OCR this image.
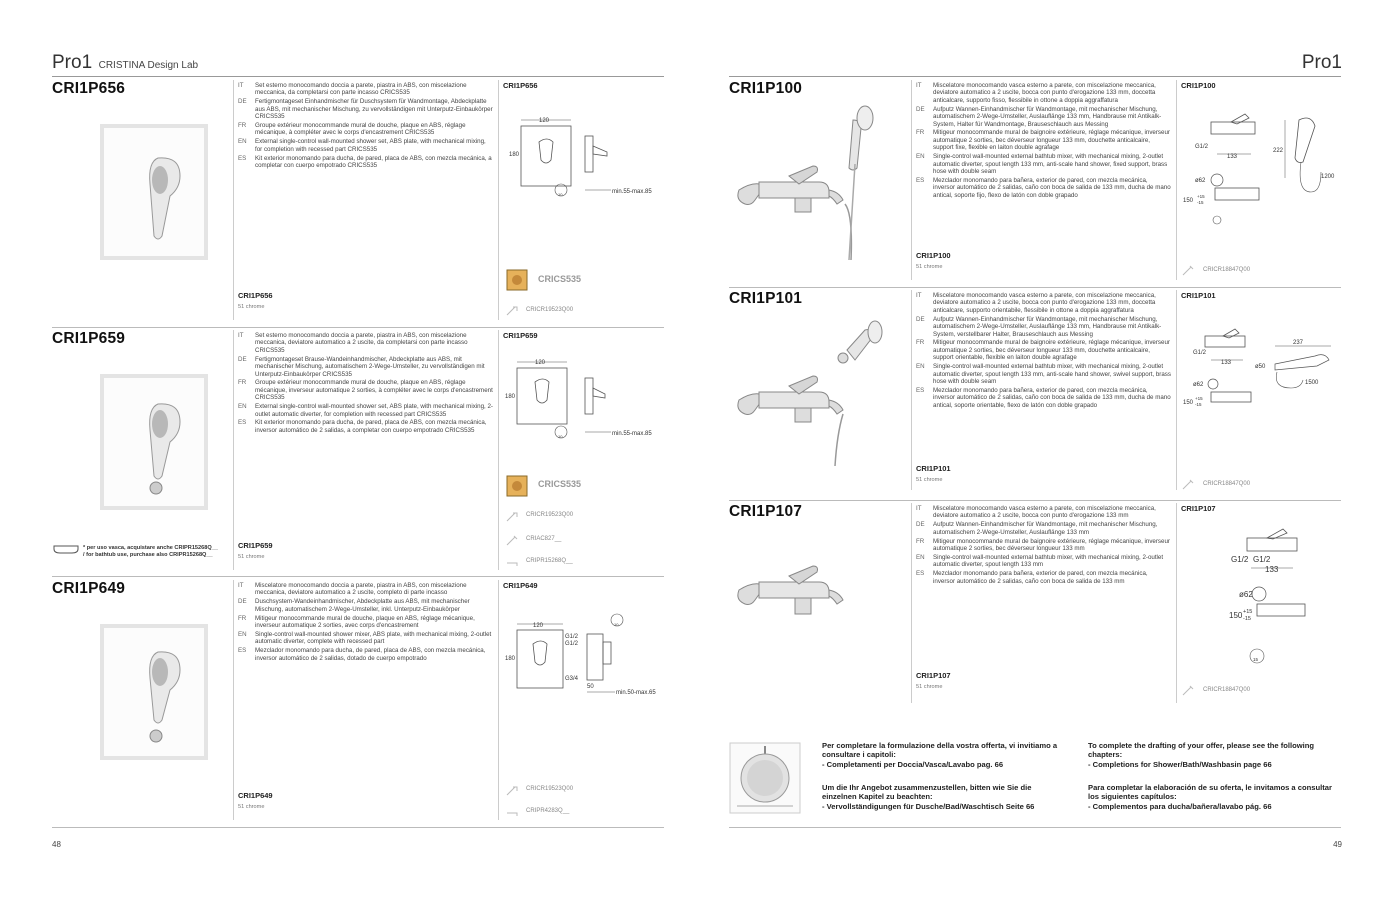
Pro1 CRISTINA Design Lab
CRI1P656	IT	Set esterno monocomando doccia a parete, piastra in ABS, con miscelazione meccanica, da completarsi con parte incasso CRICS535
DE	Fertigmontageset Einhandmischer für Duschsystem für Wandmontage, Abdeckplatte aus ABS, mit mechanischer Mischung, zu vervollständigen mit Unterputz-Einbaukörper CRICS535
FR	Groupe extérieur monocommande mural de douche, plaque en ABS, réglage mécanique, à compléter avec le corps d'encastrement CRICS535
EN	External single-control wall-mounted shower set, ABS plate, with mechanical mixing, for completion with recessed part CRICS535
ES	Kit exterior monomando para ducha, de pared, placa de ABS, con mezcla mecánica, a completar con cuerpo empotrado CRICS535
CRI1P656
51 chrome
CRI1P656
120
180
min.55-max.85
10
CRICS535
CRICR19523Q00
CRI1P659	IT	Set esterno monocomando doccia a parete, piastra in ABS, con miscelazione meccanica, deviatore automatico a 2 uscite, da completarsi con parte incasso CRICS535
DE	Fertigmontageset Brause-Wandeinhandmischer, Abdeckplatte aus ABS, mit mechanischer Mischung, automatischem 2-Wege-Umsteller, zu vervollständigen mit Unterputz-Einbaukörper CRICS535
FR	Groupe extérieur monocommande mural de douche, plaque en ABS, réglage mécanique, inverseur automatique 2 sorties, à compléter avec le corps d'encastrement CRICS535
EN	External single-control wall-mounted shower set, ABS plate, with mechanical mixing, 2-outlet automatic diverter, for completion with recessed part CRICS535
ES	Kit exterior monomando para ducha, de pared, placa de ABS, con mezcla mecánica, inversor automático de 2 salidas, a completar con cuerpo empotrado CRICS535
* per uso vasca, acquistare anche CRIPR15268Q__
/ for bathtub use, purchase also CRIPR15268Q__
CRI1P659
51 chrome
CRI1P659
120
180
min.55-max.85
10
CRICS535
CRICR19523Q00
CRIAC827__
CRIPR15268Q__
CRI1P649	IT	Miscelatore monocomando doccia a parete, piastra in ABS, con miscelazione meccanica, deviatore automatico a 2 uscite, completo di parte incasso
DE	Duschsystem-Wandeinhandmischer, Abdeckplatte aus ABS, mit mechanischer Mischung, automatischem 2-Wege-Umsteller, inkl. Unterputz-Einbaukörper
FR	Mitigeur monocommande mural de douche, plaque en ABS, réglage mécanique, inverseur automatique 2 sorties, avec corps d'encastrement
EN	Single-control wall-mounted shower mixer, ABS plate, with mechanical mixing, 2-outlet automatic diverter, complete with recessed part
ES	Mezclador monomando para ducha, de pared, placa de ABS, con mezcla mecánica, inversor automático de 2 salidas, dotado de cuerpo empotrado
CRI1P649
51 chrome
CRI1P649
120
180
G1/2
G1/2
G3/4
10
50
min.50-max.65
CRICR19523Q00
CRIPR4283Q__
48
Pro1
CRI1P100	IT	Miscelatore monocomando vasca esterno a parete, con miscelazione meccanica, deviatore automatico a 2 uscite, bocca con punto d'erogazione 133 mm, doccetta anticalcare, supporto fisso, flessibile in ottone a doppia aggraffatura
DE	Aufputz Wannen-Einhandmischer für Wandmontage, mit mechanischer Mischung, automatischem 2-Wege-Umsteller, Auslauflänge 133 mm, Handbrause mit Antikalk-System, Halter für Wandmontage, Brauseschlauch aus Messing
FR	Mitigeur monocommande mural de baignoire extérieure, réglage mécanique, inverseur automatique 2 sorties, bec déverseur longueur 133 mm, douchette anticalcaire, support fixe, flexible en laiton double agrafage
EN	Single-control wall-mounted external bathtub mixer, with mechanical mixing, 2-outlet automatic diverter, spout length 133 mm, anti-scale hand shower, fixed support, brass hose with double seam
ES	Mezclador monomando para bañera, exterior de pared, con mezcla mecánica, inversor automático de 2 salidas, caño con boca de salida de 133 mm, ducha de mano antical, soporte fijo, flexo de latón con doble grapado
CRI1P100
51 chrome
CRI1P100
G1/2
133
222
1200
ø62
150
+15
-15
CRICR18847Q00
CRI1P101	IT	Miscelatore monocomando vasca esterno a parete, con miscelazione meccanica, deviatore automatico a 2 uscite, bocca con punto d'erogazione 133 mm, doccetta anticalcare, supporto orientabile, flessibile in ottone a doppia aggraffatura
DE	Aufputz Wannen-Einhandmischer für Wandmontage, mit mechanischer Mischung, automatischem 2-Wege-Umsteller, Auslauflänge 133 mm, Handbrause mit Antikalk-System, verstellbarer Halter, Brauseschlauch aus Messing
FR	Mitigeur monocommande mural de baignoire extérieure, réglage mécanique, inverseur automatique 2 sorties, bec déverseur longueur 133 mm, douchette anticalcaire, support orientable, flexible en laiton double agrafage
EN	Single-control wall-mounted external bathtub mixer, with mechanical mixing, 2-outlet automatic diverter, spout length 133 mm, anti-scale hand shower, swivel support, brass hose with double seam
ES	Mezclador monomando para bañera, exterior de pared, con mezcla mecánica, inversor automático de 2 salidas, caño con boca de salida de 133 mm, ducha de mano antical, soporte orientable, flexo de latón con doble grapado
CRI1P101
51 chrome
CRI1P101
G1/2
133
237
ø50
1500
ø62
150
+15
-15
CRICR18847Q00
CRI1P107	IT	Miscelatore monocomando vasca esterno a parete, con miscelazione meccanica, deviatore automatico a 2 uscite, bocca con punto d'erogazione 133 mm
DE	Aufputz Wannen-Einhandmischer für Wandmontage, mit mechanischer Mischung, automatischem 2-Wege-Umsteller, Auslauflänge 133 mm
FR	Mitigeur monocommande mural de baignoire extérieure, réglage mécanique, inverseur automatique 2 sorties, bec déverseur longueur 133 mm
EN	Single-control wall-mounted external bathtub mixer, with mechanical mixing, 2-outlet automatic diverter, spout length 133 mm
ES	Mezclador monomando para bañera, exterior de pared, con mezcla mecánica, inversor automático de 2 salidas, caño con boca de salida de 133 mm
CRI1P107
51 chrome
CRI1P107
G1/2 G1/2
133
ø62
150 +15
-15
15
CRICR18847Q00
Per completare la formulazione della vostra offerta, vi invitiamo a
consultare i capitoli:
- Completamenti per Doccia/Vasca/Lavabo pag. 66
Um die Ihr Angebot zusammenzustellen, bitten wie Sie die
einzelnen Kapitel zu beachten:
- Vervollständigungen für Dusche/Bad/Waschtisch Seite 66
To complete the drafting of your offer, please see the following
chapters:
- Completions for Shower/Bath/Washbasin page 66
Para completar la elaboración de su oferta, le invitamos a consultar
los siguientes capítulos:
- Complementos para ducha/bañera/lavabo pág. 66
49
